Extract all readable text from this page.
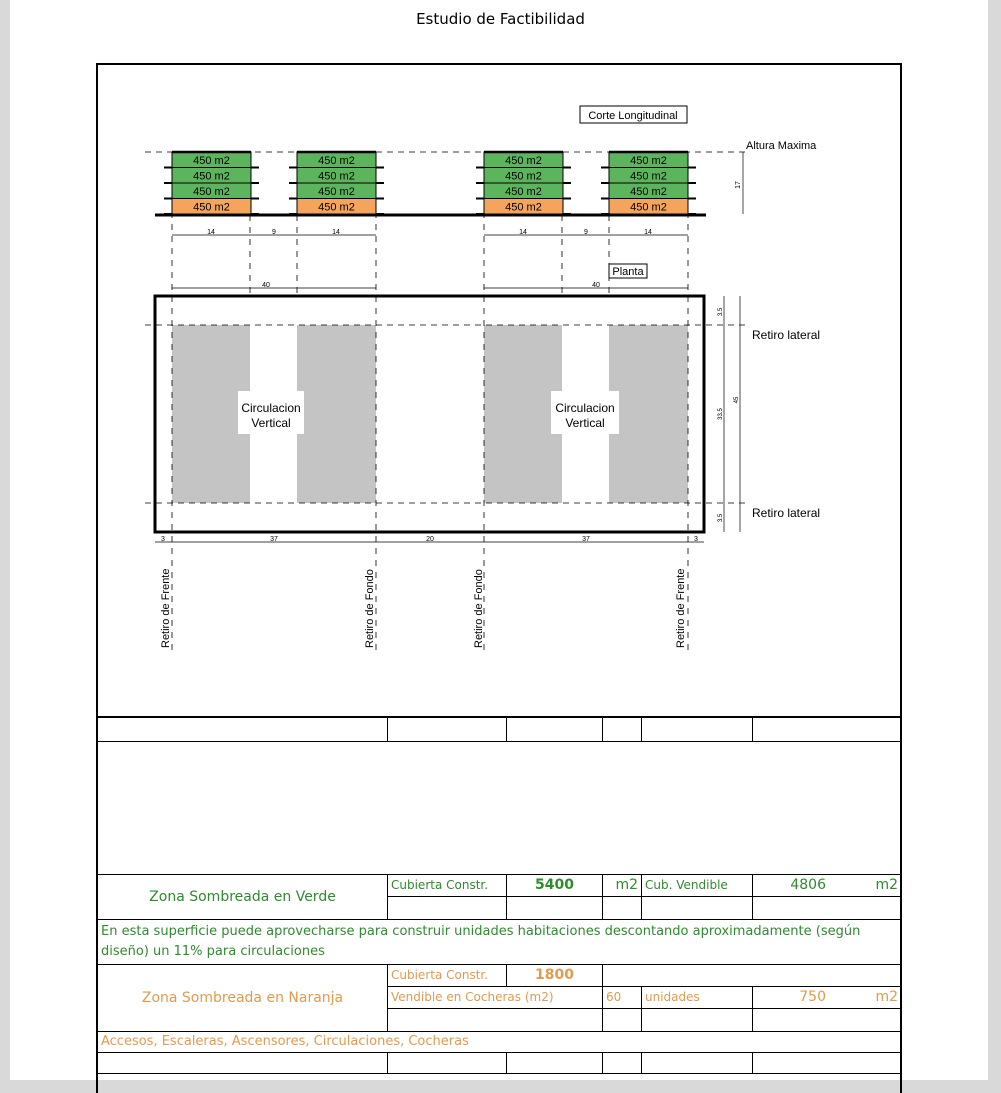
Estudio de Factibilidad
Corte Longitudinal
Altura Maxima
17
450 m2
450 m2
450 m2
450 m2
450 m2
450 m2
450 m2
450 m2
450 m2
450 m2
450 m2
450 m2
450 m2
450 m2
450 m2
450 m2
14	9	14	14	9	14
Planta
40	40
Circulacion
Vertical
Circulacion
Vertical
Retiro lateral
Retiro lateral
3.5
33.5
3.5
45
3	37	20	37	3
Retiro de Frente	Retiro de Fondo	Retiro de Fondo	Retiro de Frente

Zona Sombreada en Verde	Cubierta Constr.	5400	m2	Cub. Vendible	4806 m2

En esta superficie puede aprovecharse para construir unidades habitaciones descontando aproximadamente (según diseño) un 11% para circulaciones					
Zona Sombreada en Naranja	Cubierta Constr.	1800			
	Vendible en Cocheras (m2)		60	unidades	750 m2

Accesos, Escaleras, Ascensores, Circulaciones, Cocheras					
